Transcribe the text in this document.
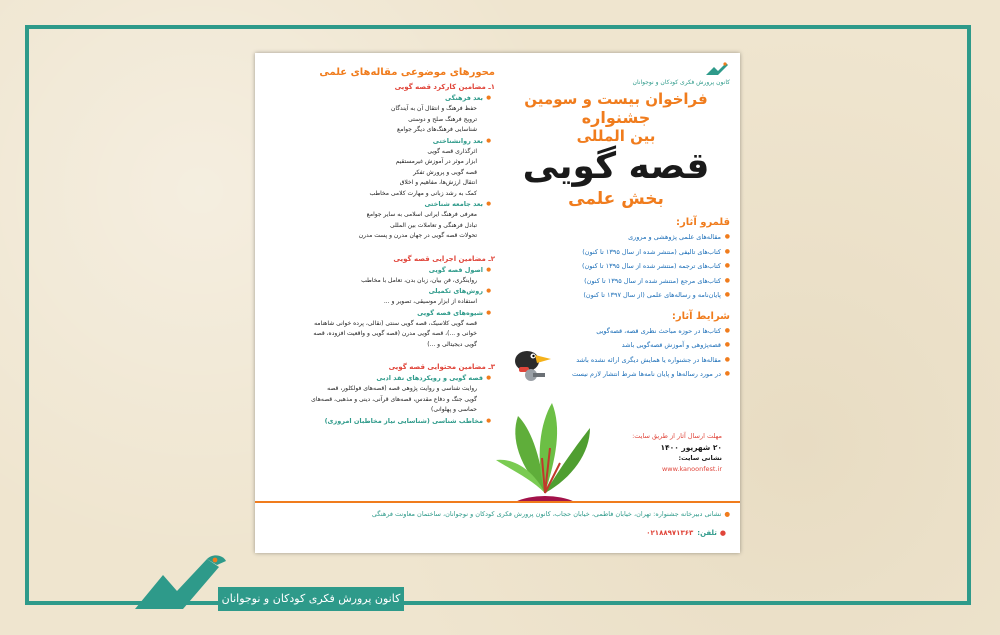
کانون پرورش فکری کودکان و نوجوانان
فراخوان بیست و سومین
جشنواره
بین المللی
قصه گویی
بخش علمی
قلمرو آثار:
● مقاله‌های علمی پژوهشی و مروری
● کتاب‌های تالیفی (منتشر شده از سال ۱۳۹۵ تا کنون)
● کتاب‌های ترجمه (منتشر شده از سال ۱۳۹۵ تا کنون)
● کتاب‌های مرجع (منتشر شده از سال ۱۳۹۵ تا کنون)
● پایان‌نامه و رساله‌های علمی (از سال ۱۳۹۷ تا کنون)
شرایط آثار:
● کتاب‌ها در حوزه مباحث نظری قصه، قصه‌گویی
● قصه‌پژوهی و آموزش قصه‌گویی باشد
● مقاله‌ها در جشنواره یا همایش دیگری ارائه نشده باشد
● در مورد رساله‌ها و پایان نامه‌ها شرط انتشار لازم نیست
مهلت ارسال آثار از طریق سایت:
۲۰ شهریور ۱۴۰۰
نشانی سایت:
www.kanoonfest.ir
محورهای موضوعی مقاله‌های علمی
۱ـ مضامین کارکرد قصه گویی
● بعد فرهنگی
حفظ فرهنگ و انتقال آن به آیندگان
ترویج فرهنگ صلح و دوستی
شناسایی فرهنگ‌های دیگر جوامع
● بعد روانشناختی
اثرگذاری قصه گویی
ابزار موثر در آموزش غیرمستقیم
قصه گویی و پرورش تفکر
انتقال ارزش‌ها، مفاهیم و اخلاق
کمک به رشد زبانی و مهارت کلامی مخاطب
● بعد جامعه شناختی
معرفی فرهنگ ایرانی اسلامی به سایر جوامع
تبادل فرهنگی و تعاملات بین المللی
تحولات قصه گویی در جهان مدرن و پست مدرن
۲ـ مضامین اجرایی قصه گویی
● اصول قصه گویی
رواینگری، فن بیان، زبان بدن، تعامل با مخاطب
● روش‌های تکمیلی
استفاده از ابزار موسیقی، تصویر و ...
● شیوه‌های قصه گویی
قصه گویی کلاسیک، قصه گویی سنتی (نقالی، پرده خوانی شاهنامه
خوانی و ...)، قصه گویی مدرن (قصه گویی و واقعیت افزوده، قصه
گویی دیجیتالی و ...)
۳ـ مضامین محتوایی قصه گویی
● قصه گویی و رویکردهای نقد ادبی
روایت شناسی و روایت پژوهی قصه (قصه‌های فولکلور، قصه
گویی جنگ و دفاع مقدس، قصه‌های قرآنی، دینی و مذهبی، قصه‌های
حماسی و پهلوانی)
● مخاطب شناسی (شناسایی نیاز مخاطبان امروزی)
●نشانی دبیرخانه جشنواره: تهران، خیابان فاطمی، خیابان حجاب، کانون پرورش فکری کودکان و نوجوانان، ساختمان معاونت فرهنگی
●تلفن:۰۲۱۸۸۹۷۱۳۶۳
کانون پرورش فکری کودکان و نوجوانان
